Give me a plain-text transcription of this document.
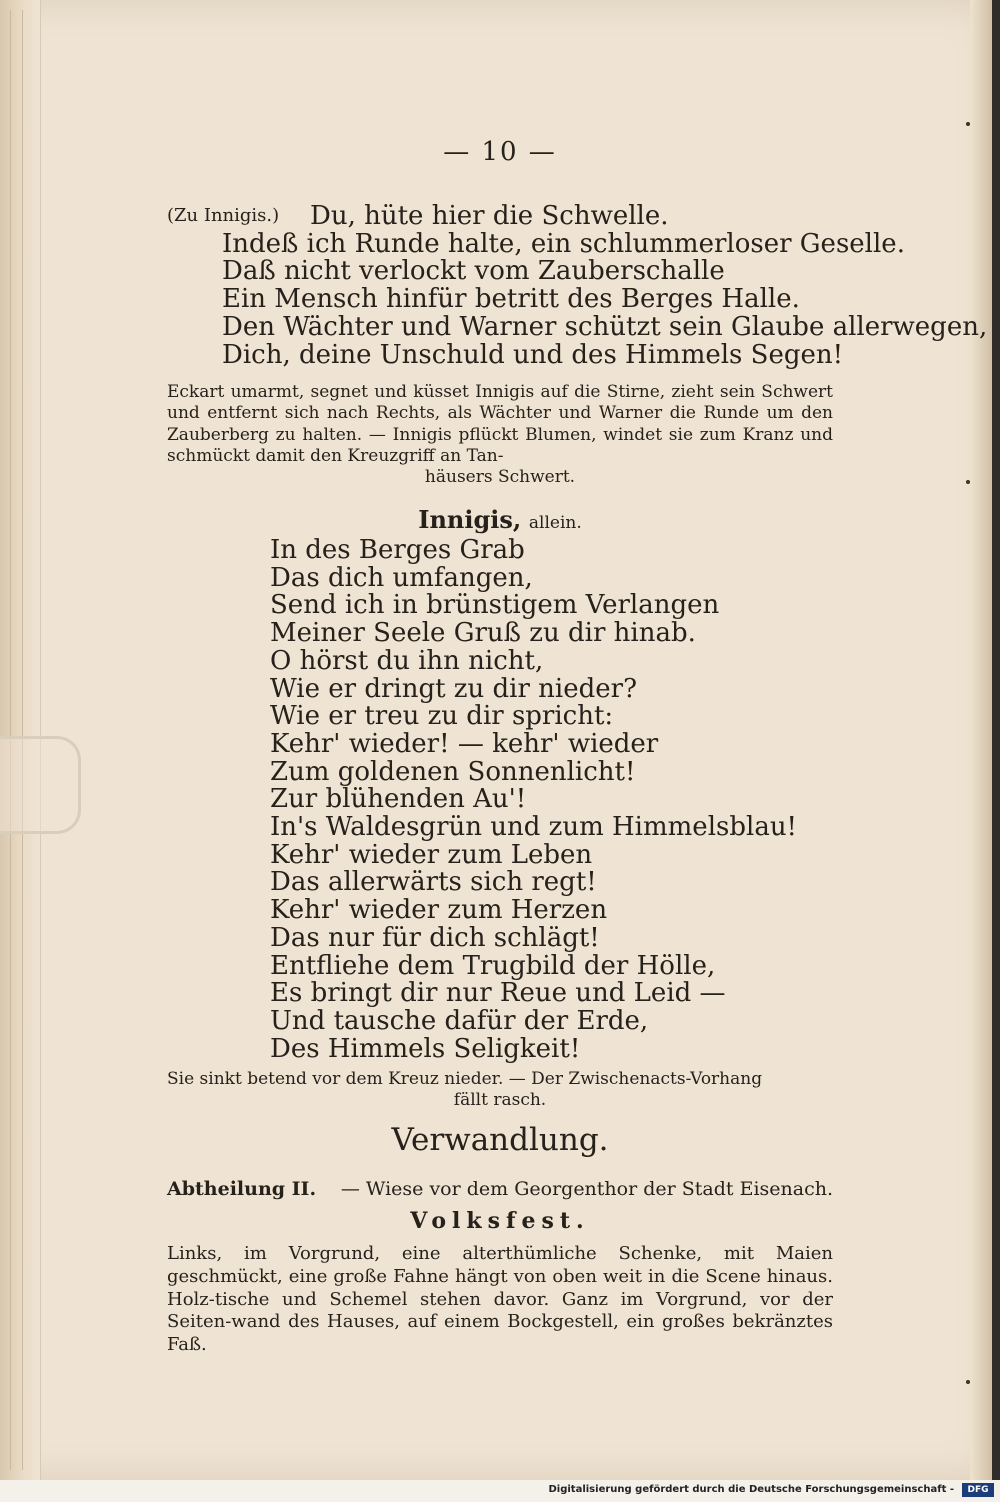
— 10 —
(Zu Innigis.) Du, hüte hier die Schwelle.
Indeß ich Runde halte, ein schlummerloser Geselle.
Daß nicht verlockt vom Zauberschalle
Ein Mensch hinfür betritt des Berges Halle.
Den Wächter und Warner schützt sein Glaube allerwegen,
Dich, deine Unschuld und des Himmels Segen!
Eckart umarmt, segnet und küsset Innigis auf die Stirne, zieht sein Schwert und entfernt sich nach Rechts, als Wächter und Warner die Runde um den Zauberberg zu halten. — Innigis pflückt Blumen, windet sie zum Kranz und schmückt damit den Kreuzgriff an Tan-
häusers Schwert.
Innigis, allein.
In des Berges Grab
Das dich umfangen,
Send ich in brünstigem Verlangen
Meiner Seele Gruß zu dir hinab.
O hörst du ihn nicht,
Wie er dringt zu dir nieder?
Wie er treu zu dir spricht:
Kehr' wieder! — kehr' wieder
Zum goldenen Sonnenlicht!
Zur blühenden Au'!
In's Waldesgrün und zum Himmelsblau!
Kehr' wieder zum Leben
Das allerwärts sich regt!
Kehr' wieder zum Herzen
Das nur für dich schlägt!
Entfliehe dem Trugbild der Hölle,
Es bringt dir nur Reue und Leid —
Und tausche dafür der Erde,
Des Himmels Seligkeit!
Sie sinkt betend vor dem Kreuz nieder. — Der Zwischenacts-Vorhang
fällt rasch.
Verwandlung.
Abtheilung II. — Wiese vor dem Georgenthor der Stadt Eisenach.
Volksfest.
Links, im Vorgrund, eine alterthümliche Schenke, mit Maien geschmückt, eine große Fahne hängt von oben weit in die Scene hinaus. Holz-tische und Schemel stehen davor. Ganz im Vorgrund, vor der Seiten-wand des Hauses, auf einem Bockgestell, ein großes bekränztes Faß.
Digitalisierung gefördert durch die Deutsche Forschungsgemeinschaft -	DFG
